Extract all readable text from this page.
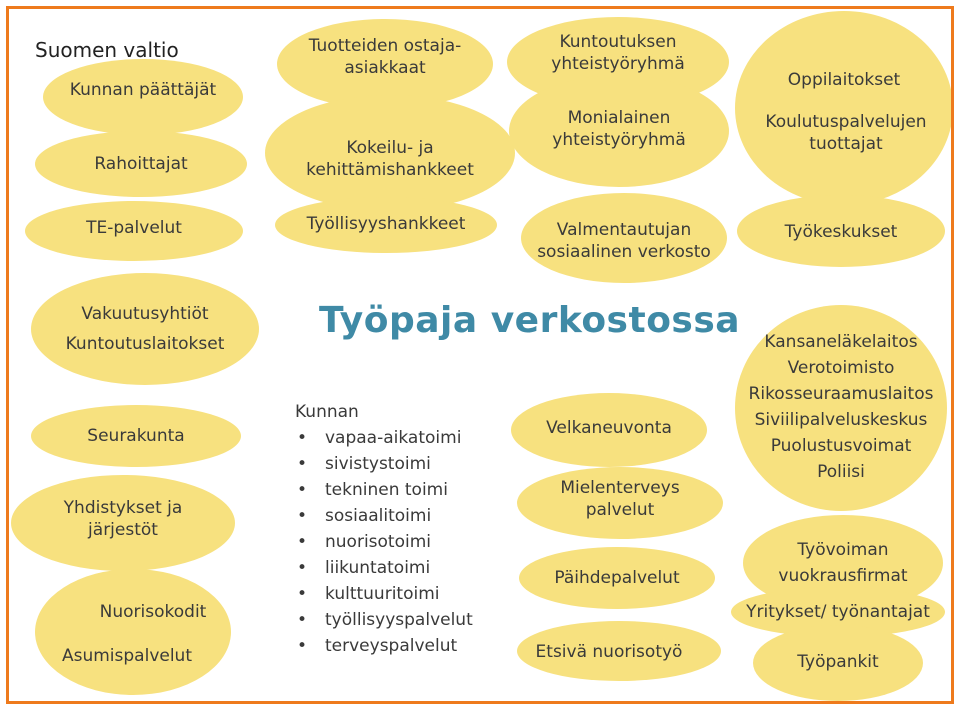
Suomen valtio
Kunnan päättäjät
Rahoittajat
TE-palvelut
Vakuutusyhtiöt
Kuntoutuslaitokset
Seurakunta
Yhdistykset ja järjestöt
Nuorisokodit
Asumispalvelut
Tuotteiden ostaja-asiakkaat
Kokeilu- ja kehittämishankkeet
Työllisyyshankkeet
Kuntoutuksen yhteistyöryhmä
Monialainen yhteistyöryhmä
Valmentautujan sosiaalinen verkosto
Velkaneuvonta
Mielenterveys palvelut
Päihdepalvelut
Etsivä nuorisotyö
Oppilaitokset
Koulutuspalvelujen tuottajat
Työkeskukset
Kansaneläkelaitos
Verotoimisto
Rikosseuraamuslaitos
Siviilipalveluskeskus
Puolustusvoimat
Poliisi
Työvoiman vuokrausfirmat
Yritykset/ työnantajat
Työpankit
Työpaja verkostossa
Kunnan
• vapaa-aikatoimi
• sivistystoimi
• tekninen toimi
• sosiaalitoimi
• nuorisotoimi
• liikuntatoimi
• kulttuuritoimi
• työllisyyspalvelut
• terveyspalvelut
